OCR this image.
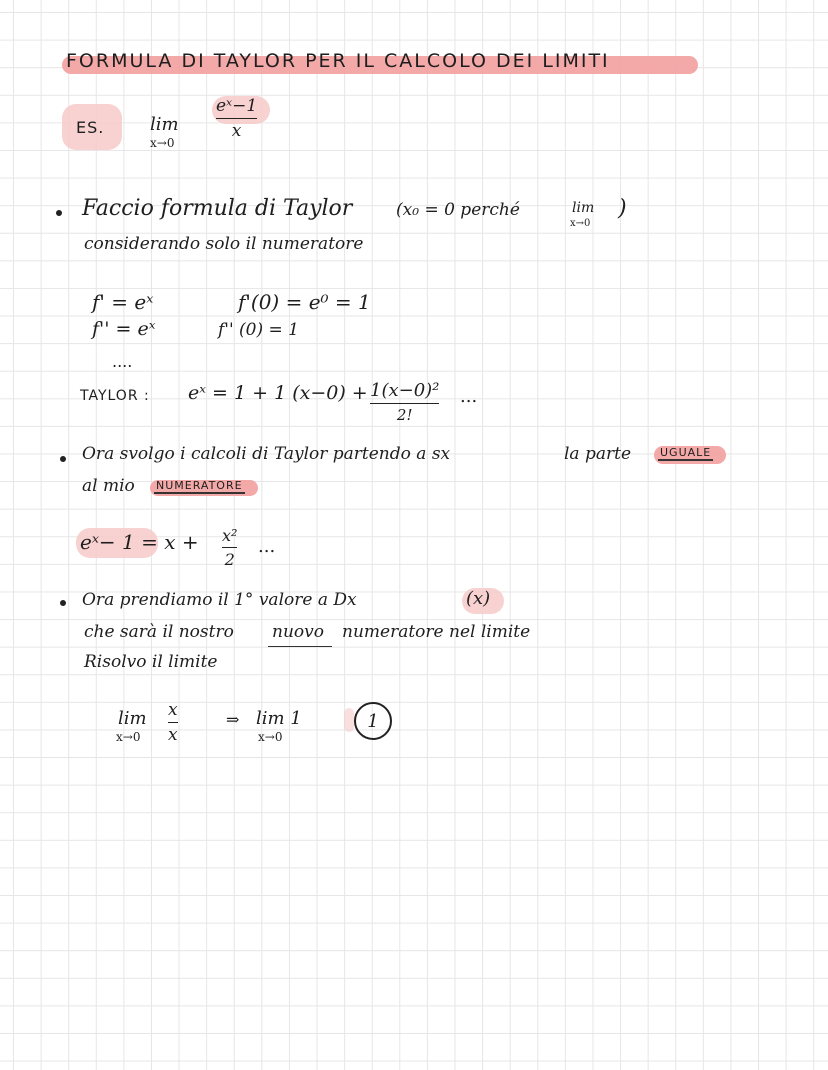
FORMULA DI TAYLOR PER IL CALCOLO DEI LIMITI
ES.	lim
x→0
eˣ−1
x
Faccio formula di Taylor	(x₀ = 0 perché	lim
x→0
)
considerando solo il numeratore
f' = eˣ
f'' = eˣ
f'(0) = e⁰ = 1
f'' (0) = 1
....
TAYLOR : eˣ = 1 + 1 (x−0) + 1(x−0)²
2!
...
Ora svolgo i calcoli di Taylor partendo a sx	la parte	UGUALE
al mio NUMERATORE
eˣ− 1 = x + x²
2
...
Ora prendiamo il 1° valore a Dx	(x)
che sarà il nostro nuovo numeratore nel limite
Risolvo il limite
lim
x→0
x
x
⇒ lim 1
x→0
1
